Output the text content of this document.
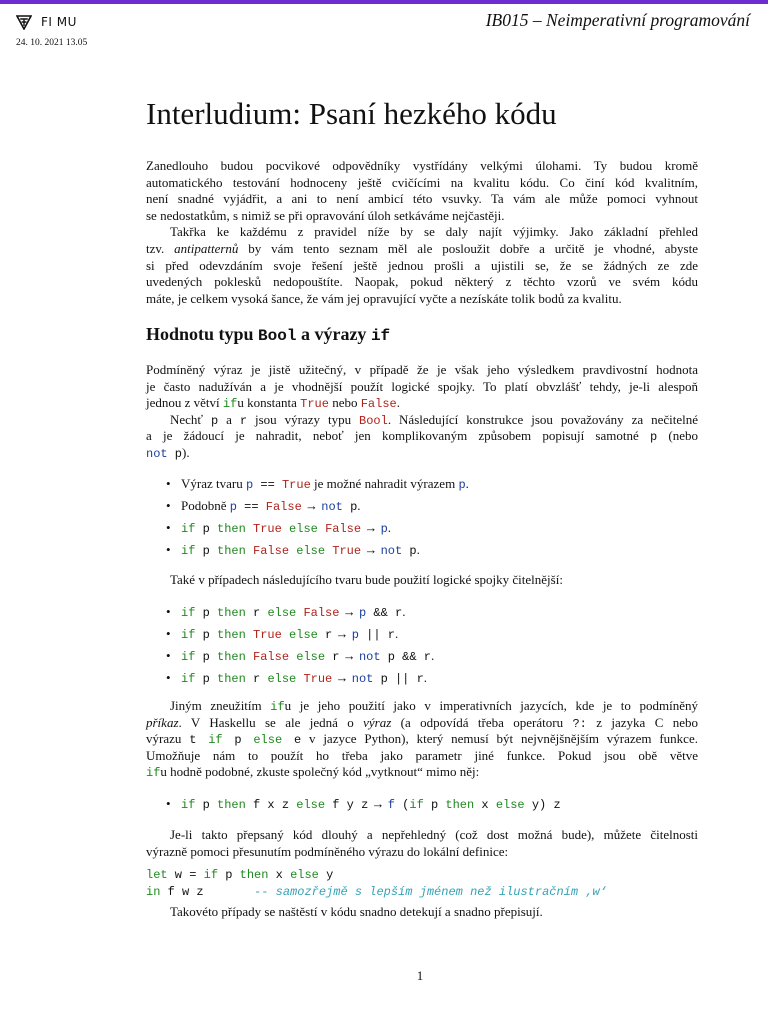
FI MU
24. 10. 2021 13.05
IB015 – Neimperativní programování
Interludium: Psaní hezkého kódu
Zanedlouho budou pocvikové odpovědníky vystřídány velkými úlohami. Ty budou kromě
automatického testování hodnoceny ještě cvičícími na kvalitu kódu. Co činí kód kvalitním,
není snadné vyjádřit, a ani to není ambicí této vsuvky. Ta vám ale může pomoci vyhnout
se nedostatkům, s nimiž se při opravování úloh setkáváme nejčastěji.
Takřka ke každému z pravidel níže by se daly najít výjimky. Jako základní přehled
tzv. antipatternů by vám tento seznam měl ale posloužit dobře a určitě je vhodné, abyste
si před odevzdáním svoje řešení ještě jednou prošli a ujistili se, že se žádných ze zde
uvedených poklesků nedopouštíte. Naopak, pokud některý z těchto vzorů ve svém kódu
máte, je celkem vysoká šance, že vám jej opravující vyčte a nezískáte tolik bodů za kvalitu.
Hodnotu typu Bool a výrazy if
Podmíněný výraz je jistě užitečný, v případě že je však jeho výsledkem pravdivostní hodnota
je často nadužíván a je vhodnější použít logické spojky. To platí obvzlášť tehdy, je-li alespoň
jednou z větví ifu konstanta True nebo False.
Nechť p a r jsou výrazy typu Bool. Následující konstrukce jsou považovány za nečitelné
a je žádoucí je nahradit, neboť jen komplikovaným způsobem popisují samotné p (nebo
not p).
• Výraz tvaru p == True je možné nahradit výrazem p.
• Podobně p == False → not p.
• if p then True else False → p.
• if p then False else True → not p.
Také v případech následujícího tvaru bude použití logické spojky čitelnější:
• if p then r else False → p && r.
• if p then True else r → p || r.
• if p then False else r → not p && r.
• if p then r else True → not p || r.
Jiným zneužitím ifu je jeho použití jako v imperativních jazycích, kde je to podmíněný
příkaz. V Haskellu se ale jedná o výraz (a odpovídá třeba operátoru ?: z jazyka C nebo
výrazu t if p else e v jazyce Python), který nemusí být nejvnějšnějším výrazem funkce.
Umožňuje nám to použít ho třeba jako parametr jiné funkce. Pokud jsou obě větve
ifu hodně podobné, zkuste společný kód „vytknout“ mimo něj:
• if p then f x z else f y z → f (if p then x else y) z
Je-li takto přepsaný kód dlouhý a nepřehledný (což dost možná bude), můžete čitelnosti
výrazně pomoci přesunutím podmíněného výrazu do lokální definice:
let w = if p then x else y
in f w z       -- samozřejmě s lepším jménem než ilustračním ‚w‘
Takovéto případy se naštěstí v kódu snadno detekují a snadno přepisují.
1
